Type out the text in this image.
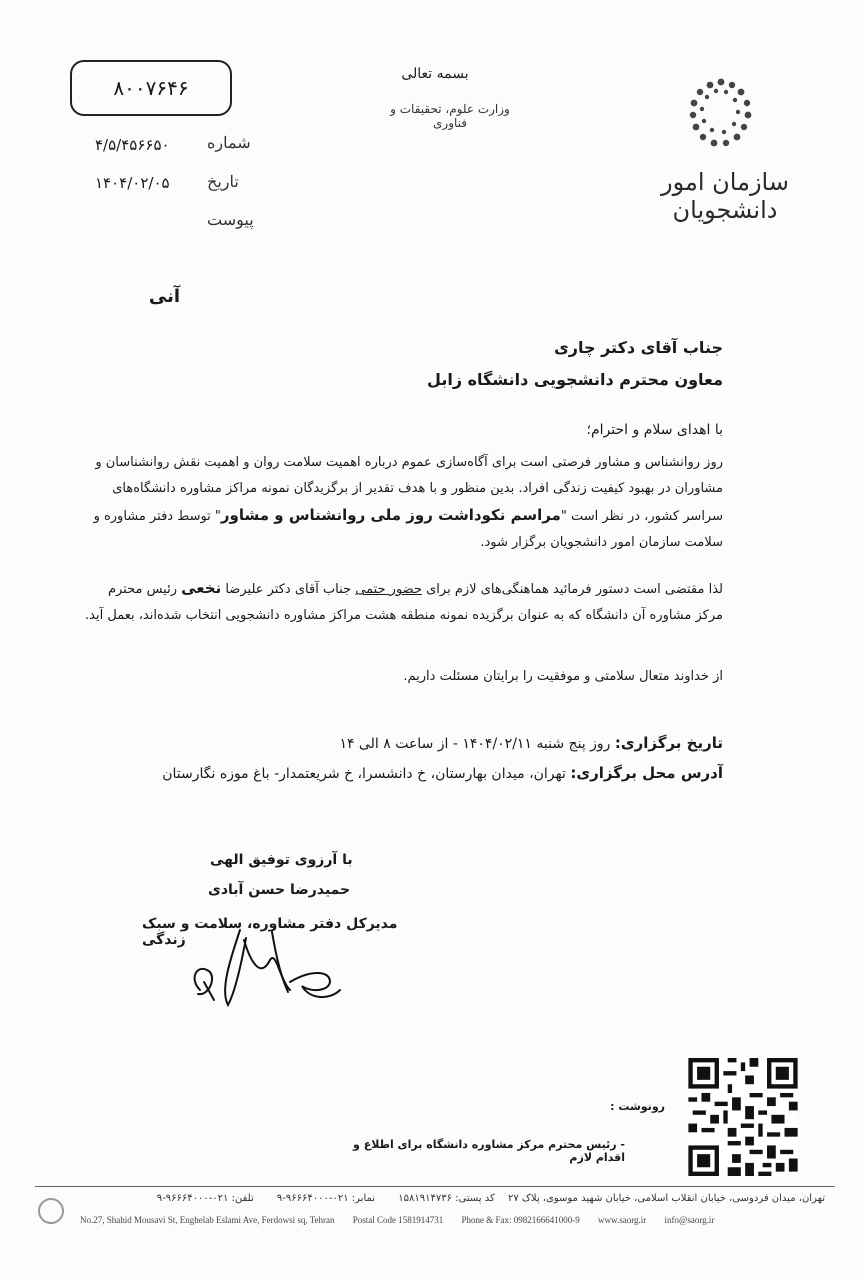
۸۰۰۷۶۴۶
۴/۵/۴۵۶۶۵۰ شماره
۱۴۰۴/۰۲/۰۵ تاریخ
پیوست
بسمه تعالی
وزارت علوم، تحقیقات و فناوری
سازمان امور
دانشجویان
آنی
جناب آقای دکتر چاری
معاون محترم دانشجویی دانشگاه زابل
با اهدای سلام و احترام؛
روز روانشناس و مشاور فرصتی است برای آگاه‌سازی عموم درباره اهمیت سلامت روان و اهمیت نقش روانشناسان و مشاوران در بهبود کیفیت زندگی افراد. بدین منظور و با هدف تقدیر از برگزیدگان نمونه مراکز مشاوره دانشگاه‌های سراسر کشور، در نظر است "مراسم نکوداشت روز ملی روانشناس و مشاور" توسط دفتر مشاوره و سلامت سازمان امور دانشجویان برگزار شود.
لذا مقتضی است دستور فرمائید هماهنگی‌های لازم برای حضور حتمی جناب آقای دکتر علیرضا نخعی رئیس محترم مرکز مشاوره آن دانشگاه که به عنوان برگزیده نمونه منطقه هشت مراکز مشاوره دانشجویی انتخاب شده‌اند، بعمل آید.
از خداوند متعال سلامتی و موفقیت را برایتان مسئلت داریم.
تاریخ برگزاری: روز پنج شنبه ۱۴۰۴/۰۲/۱۱ - از ساعت ۸ الی ۱۴
آدرس محل برگزاری: تهران، میدان بهارستان، خ دانشسرا، خ شریعتمدار- باغ موزه نگارستان
با آرزوی توفیق الهی
حمیدرضا حسن آبادی
مدیرکل دفتر مشاوره، سلامت و سبک زندگی
رونوشت :
- رئیس محترم مرکز مشاوره دانشگاه برای اطلاع و اقدام لازم
تهران، میدان فردوسی، خیابان انقلاب اسلامی، خیابان شهید موسوی، پلاک ۲۷ کد پستی: ۱۵۸۱۹۱۴۷۳۶ نمابر: ۰۲۱-۹۶۶۶۴۰۰۰-۹ تلفن: ۰۲۱-۹۶۶۶۴۰۰۰-۹
No.27, Shahid Mousavi St, Enghelab Eslami Ave, Ferdowsi sq, Tehran Postal Code 1581914731 Phone & Fax: 0982166641000-9 www.saorg.ir info@saorg.ir
